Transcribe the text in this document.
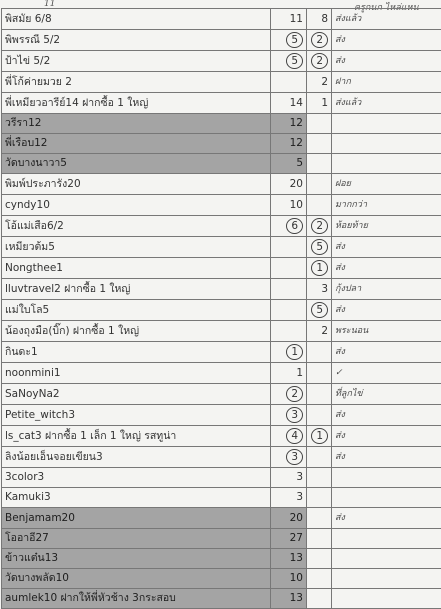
11	ครูกนก ไหล่แหน
พิสมัย 6/8	11	8	ส่งแล้ว
พิพรรณี 5/2	5	2	ส่ง
ป้าไข่ 5/2	5	2	ส่ง
พี่โก้ค่ายมวย 2		2	ฝาก
พี่เหมียวอารีย์14 ฝากซื้อ 1 ใหญ่	14	1	ส่งแล้ว
วรีรา12	12		
พี่เรือบ12	12		
วัดบางนาวา5	5		
พิมพ์ประภารัง20	20		ฝอย
cyndy10	10		มากกว่า
โอ้แม่เสือ6/2	6	2	ห้อยท้าย
เหมียวต้ม5		5	ส่ง
Nongthee1		1	ส่ง
lluvtravel2 ฝากซื้อ 1 ใหญ่		3	กุ้งปลา
แม่ใบโล5		5	ส่ง
น้องถุงมือ(บิ๊ก) ฝากซื้อ 1 ใหญ่		2	พระนอน
กินดะ1	1		ส่ง
noonmini1	1		✓
SaNoyNa2	2		ที่ลูกไข่
Petite_witch3	3		ส่ง
ls_cat3 ฝากซื้อ 1 เล็ก 1 ใหญ่ รสทูน่า	4	1	ส่ง
ลิงน้อยเอ็นจอยเขียน3	3		ส่ง
3color3	3		
Kamuki3	3		
Benjamam20	20		ส่ง
โออาอี27	27		
ข้าวแต๋น13	13		
วัดบางพลัด10	10		
aumlek10 ฝากให้พี่หัวช้าง 3กระสอบ	13		
